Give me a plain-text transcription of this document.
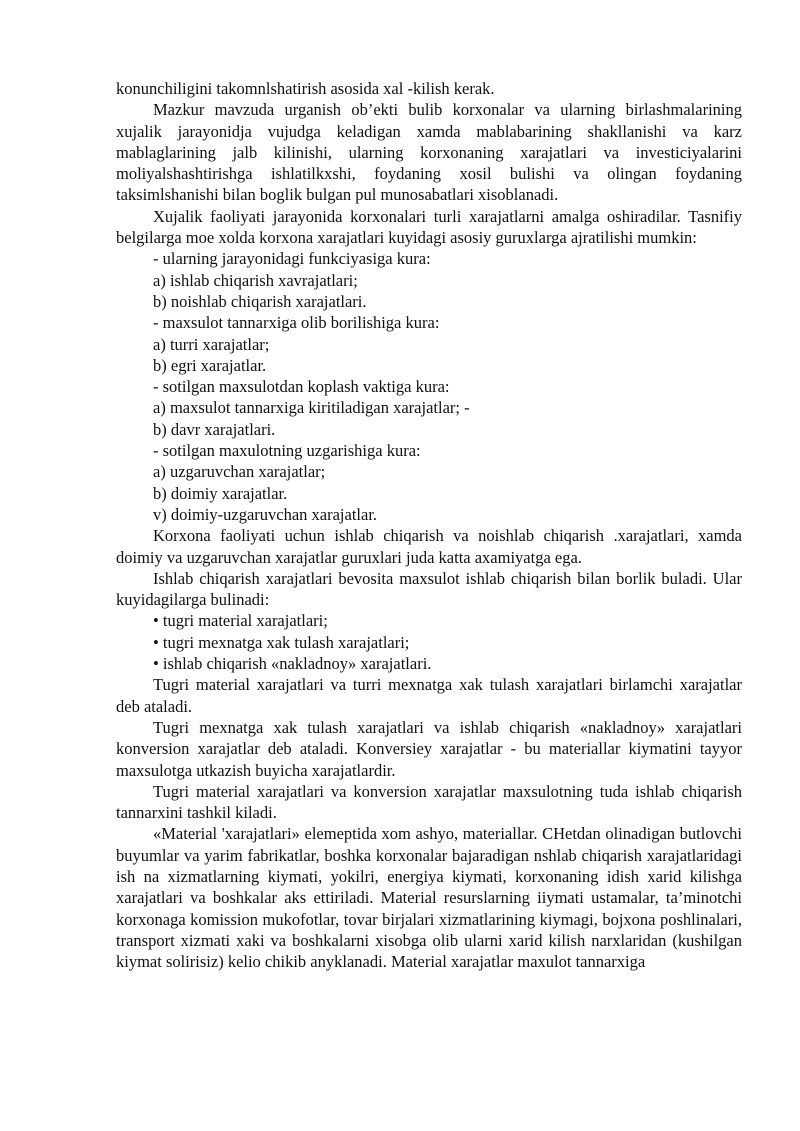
konunchiligini takomnlshatirish asosida xal -kilish kerak.

Mazkur mavzuda urganish ob’ekti bulib korxonalar va ularning birlashmalarining xujalik jarayonidja vujudga keladigan xamda mablabarining shakllanishi va karz mablaglarining jalb kilinishi, ularning korxonaning xarajatlari va investiciyalarini moliyalshashtirishga ishlatilkxshi, foydaning xosil bulishi va olingan foydaning taksimlshanishi bilan boglik bulgan pul munosabatlari xisoblanadi.

Xujalik faoliyati jarayonida korxonalari turli xarajatlarni amalga oshiradilar. Tasnifiy belgilarga moe xolda korxona xarajatlari kuyidagi asosiy guruxlarga ajratilishi mumkin:

- ularning jarayonidagi funkciyasiga kura:

a) ishlab chiqarish xavrajatlari;

b) noishlab chiqarish xarajatlari.

- maxsulot tannarxiga olib borilishiga kura:

a) turri xarajatlar;

b) egri xarajatlar.

- sotilgan maxsulotdan koplash vaktiga kura:

a) maxsulot tannarxiga kiritiladigan xarajatlar; -

b) davr xarajatlari.

- sotilgan maxulotning uzgarishiga kura:

a) uzgaruvchan xarajatlar;

b) doimiy xarajatlar.

v) doimiy-uzgaruvchan xarajatlar.

Korxona faoliyati uchun ishlab chiqarish va noishlab chiqarish .xarajatlari, xamda doimiy va uzgaruvchan xarajatlar guruxlari juda katta axamiyatga ega.

Ishlab chiqarish xarajatlari bevosita maxsulot ishlab chiqarish bilan borlik buladi. Ular kuyidagilarga bulinadi:

• tugri material xarajatlari;

• tugri mexnatga xak tulash xarajatlari;

• ishlab chiqarish «nakladnoy» xarajatlari.

Tugri material xarajatlari va turri mexnatga xak tulash xarajatlari birlamchi xarajatlar deb ataladi.

Tugri mexnatga xak tulash xarajatlari va ishlab chiqarish «nakladnoy» xarajatlari konversion xarajatlar deb ataladi. Konversiey xarajatlar - bu materiallar kiymatini tayyor maxsulotga utkazish buyicha xarajatlardir.

Tugri material xarajatlari va konversion xarajatlar maxsulotning tuda ishlab chiqarish tannarxini tashkil kiladi.

«Material 'xarajatlari» elemeptida xom ashyo, materiallar. CHetdan olinadigan butlovchi buyumlar va yarim fabrikatlar, boshka korxonalar bajaradigan nshlab chiqarish xarajatlaridagi ish na xizmatlarning kiymati, yokilri, energiya kiymati, korxonaning idish xarid kilishga xarajatlari va boshkalar aks ettiriladi. Material resurslarning iiymati ustamalar, ta’minotchi korxonaga komission mukofotlar, tovar birjalari xizmatlarining kiymagi, bojxona poshlinalari, transport xizmati xaki va boshkalarni xisobga olib ularni xarid kilish narxlaridan (kushilgan kiymat solirisiz) kelio chikib anyklanadi. Material xarajatlar maxulot tannarxiga
